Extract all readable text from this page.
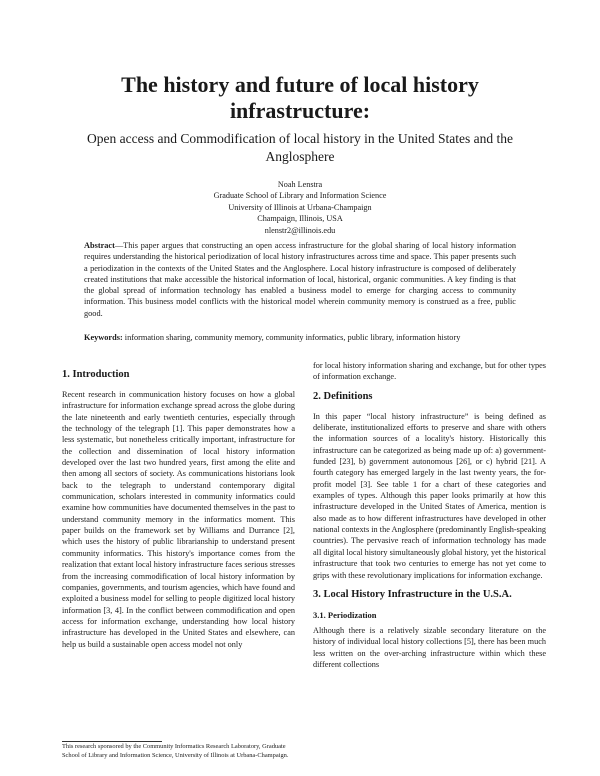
The history and future of local history infrastructure:
Open access and Commodification of local history in the United States and the Anglosphere
Noah Lenstra
Graduate School of Library and Information Science
University of Illinois at Urbana-Champaign
Champaign, Illinois, USA
nlenstr2@illinois.edu

Abstract—This paper argues that constructing an open access infrastructure for the global sharing of local history information requires understanding the historical periodization of local history infrastructures across time and space. This paper presents such a periodization in the contexts of the United States and the Anglosphere. Local history infrastructure is composed of deliberately created institutions that make accessible the historical information of local, historical, organic communities. A key finding is that the global spread of information technology has enabled a business model to emerge for charging access to community information. This business model conflicts with the historical model wherein community memory is construed as a free, public good.

Keywords: information sharing, community memory, community informatics, public library, information history

1. Introduction

Recent research in communication history focuses on how a global infrastructure for information exchange spread across the globe during the late nineteenth and early twentieth centuries, especially through the technology of the telegraph [1]. This paper demonstrates how a less systematic, but nonetheless critically important, infrastructure for the collection and dissemination of local history information developed over the last two hundred years, first among the elite and then among all sectors of society. As communications historians look back to the telegraph to understand contemporary digital communication, scholars interested in community informatics could examine how communities have documented themselves in the past to understand community memory in the informatics moment. This paper builds on the framework set by Williams and Durrance [2], which uses the history of public librarianship to understand present community informatics. This history's importance comes from the realization that extant local history infrastructure faces serious stresses from the increasing commodification of local history information by companies, governments, and tourism agencies, which have found and exploited a business model for selling to people digitized local history information [3, 4]. In the conflict between commodification and open access for information exchange, understanding how local history infrastructure has developed in the United States and elsewhere, can help us build a sustainable open access model not only

for local history information sharing and exchange, but for other types of information exchange.

2. Definitions

In this paper “local history infrastructure” is being defined as deliberate, institutionalized efforts to preserve and share with others the information sources of a locality's history. Historically this infrastructure can be categorized as being made up of: a) government-funded [23], b) government autonomous [26], or c) hybrid [21]. A fourth category has emerged largely in the last twenty years, the for-profit model [3]. See table 1 for a chart of these categories and examples of types. Although this paper looks primarily at how this infrastructure developed in the United States of America, mention is also made as to how different infrastructures have developed in other national contexts in the Anglosphere (predominantly English-speaking countries). The pervasive reach of information technology has made all digital local history simultaneously global history, yet the historical infrastructure that took two centuries to emerge has not yet come to grips with these revolutionary implications for information exchange.

3. Local History Infrastructure in the U.S.A.
3.1. Periodization

Although there is a relatively sizable secondary literature on the history of individual local history collections [5], there has been much less written on the over-arching infrastructure within which these different collections

This research sponsored by the Community Informatics Research Laboratory, Graduate School of Library and Information Science, University of Illinois at Urbana-Champaign.
